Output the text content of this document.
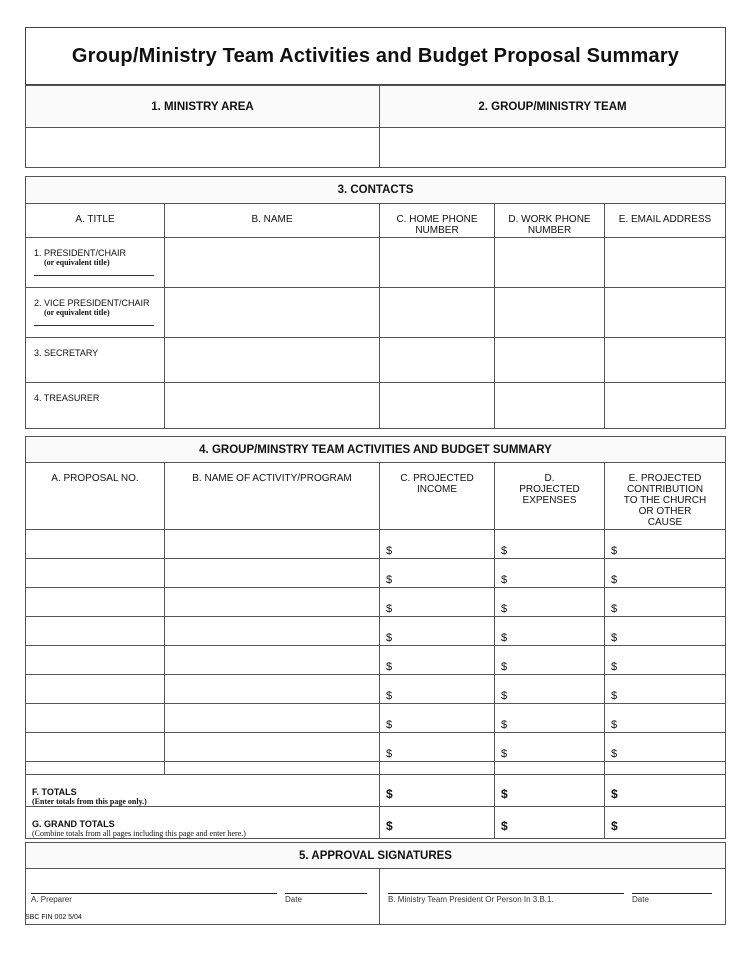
Group/Ministry Team Activities and Budget Proposal Summary
1. MINISTRY AREA	2. GROUP/MINISTRY TEAM

3. CONTACTS				
A. TITLE	B. NAME	C. HOME PHONE NUMBER	D. WORK PHONE NUMBER	E. EMAIL ADDRESS

1. PRESIDENT/CHAIR
(or equivalent title)				

2. VICE PRESIDENT/CHAIR
(or equivalent title)				

3. SECRETARY				

4. TREASURER				

4. GROUP/MINSTRY TEAM ACTIVITIES AND BUDGET SUMMARY				
A. PROPOSAL NO.	B. NAME OF ACTIVITY/PROGRAM	C. PROJECTED INCOME	D. PROJECTED EXPENSES	E. PROJECTED CONTRIBUTION TO THE CHURCH OR OTHER CAUSE
		$	$	$
		$	$	$
		$	$	$
		$	$	$
		$	$	$
		$	$	$
		$	$	$
		$	$	$

F. TOTALS
(Enter totals from this page only.)		$	$	$

G. GRAND TOTALS
(Combine totals from all pages including this page and enter here.)		$	$	$
5. APPROVAL SIGNATURES

A. Preparer	Date	B. Ministry Team President Or Person In 3.B.1.	Date
SBC FIN 002 5/04
